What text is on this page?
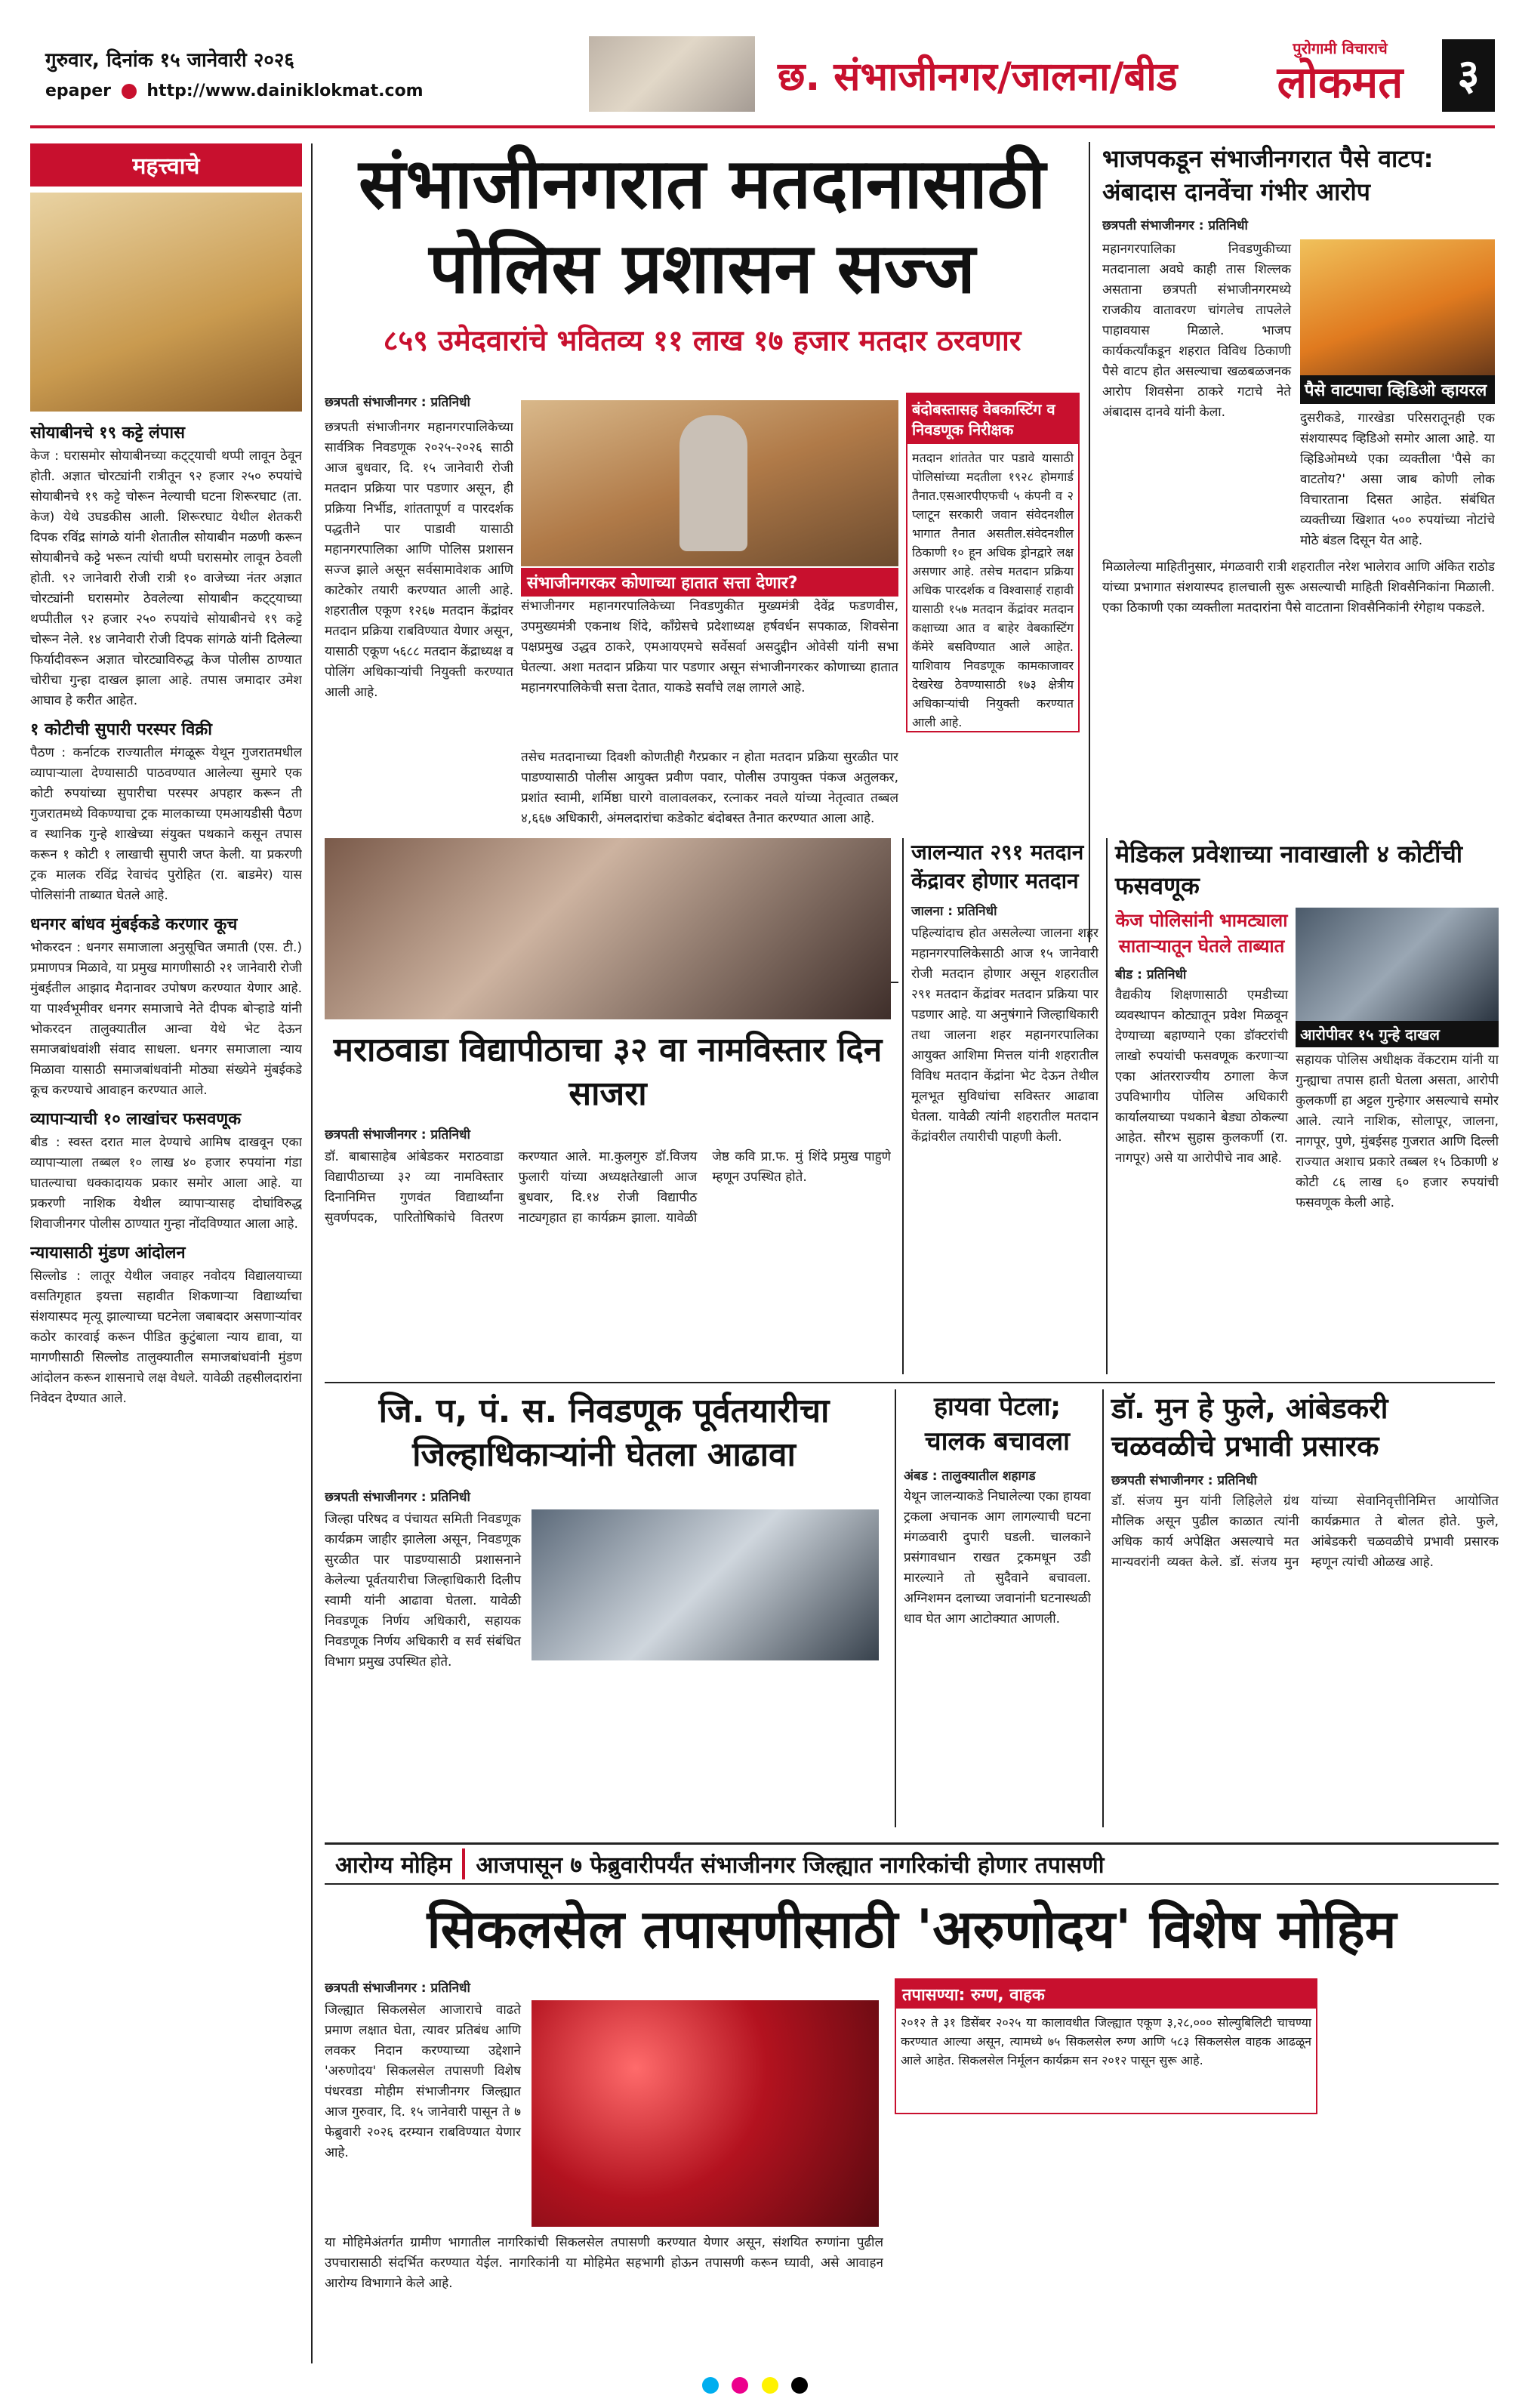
गुरुवार, दिनांक १५ जानेवारी २०२६
epaper http://www.dainiklokmat.com	छ. संभाजीनगर/जालना/बीड
पुरोगामी विचाराचे
लोकमत	३
महत्त्वाचे
सोयाबीनचे १९ कट्टे लंपास
केज : घरासमोर सोयाबीनच्या कट्ट्याची थप्पी लावून ठेवून होती. अज्ञात चोरट्यांनी रात्रीतून ९२ हजार २५० रुपयांचे सोयाबीनचे १९ कट्टे चोरून नेल्याची घटना शिरूरघाट (ता. केज) येथे उघडकीस आली. शिरूरघाट येथील शेतकरी दिपक रविंद्र सांगळे यांनी शेतातील सोयाबीन मळणी करून सोयाबीनचे कट्टे भरून त्यांची थप्पी घरासमोर लावून ठेवली होती. ९२ जानेवारी रोजी रात्री १० वाजेच्या नंतर अज्ञात चोरट्यांनी घरासमोर ठेवलेल्या सोयाबीन कट्ट्याच्या थप्पीतील ९२ हजार २५० रुपयांचे सोयाबीनचे १९ कट्टे चोरून नेले. १४ जानेवारी रोजी दिपक सांगळे यांनी दिलेल्या फिर्यादीवरून अज्ञात चोरट्याविरुद्ध केज पोलीस ठाण्यात चोरीचा गुन्हा दाखल झाला आहे. तपास जमादार उमेश आघाव हे करीत आहेत.
१ कोटीची सुपारी परस्पर विक्री
पैठण : कर्नाटक राज्यातील मंगळूरू येथून गुजरातमधील व्यापाऱ्याला देण्यासाठी पाठवण्यात आलेल्या सुमारे एक कोटी रुपयांच्या सुपारीचा परस्पर अपहार करून ती गुजरातमध्ये विकण्याचा ट्रक मालकाच्या एमआयडीसी पैठण व स्थानिक गुन्हे शाखेच्या संयुक्त पथकाने कसून तपास करून १ कोटी १ लाखाची सुपारी जप्त केली. या प्रकरणी ट्रक मालक रविंद्र रेवाचंद पुरोहित (रा. बाडमेर) यास पोलिसांनी ताब्यात घेतले आहे.
धनगर बांधव मुंबईकडे करणार कूच
भोकरदन : धनगर समाजाला अनुसूचित जमाती (एस. टी.) प्रमाणपत्र मिळावे, या प्रमुख मागणीसाठी २१ जानेवारी रोजी मुंबईतील आझाद मैदानावर उपोषण करण्यात येणार आहे. या पार्श्वभूमीवर धनगर समाजाचे नेते दीपक बोऱ्हाडे यांनी भोकरदन तालुक्यातील आन्वा येथे भेट देऊन समाजबांधवांशी संवाद साधला. धनगर समाजाला न्याय मिळावा यासाठी समाजबांधवांनी मोठ्या संख्येने मुंबईकडे कूच करण्याचे आवाहन करण्यात आले.
व्यापाऱ्याची १० लाखांचर फसवणूक
बीड : स्वस्त दरात माल देण्याचे आमिष दाखवून एका व्यापाऱ्याला तब्बल १० लाख ४० हजार रुपयांना गंडा घातल्याचा धक्कादायक प्रकार समोर आला आहे. या प्रकरणी नाशिक येथील व्यापाऱ्यासह दोघांविरुद्ध शिवाजीनगर पोलीस ठाण्यात गुन्हा नोंदविण्यात आला आहे.
न्यायासाठी मुंडण आंदोलन
सिल्लोड : लातूर येथील जवाहर नवोदय विद्यालयाच्या वसतिगृहात इयत्ता सहावीत शिकणाऱ्या विद्यार्थ्याचा संशयास्पद मृत्यू झाल्याच्या घटनेला जबाबदार असणाऱ्यांवर कठोर कारवाई करून पीडित कुटुंबाला न्याय द्यावा, या मागणीसाठी सिल्लोड तालुक्यातील समाजबांधवांनी मुंडण आंदोलन करून शासनाचे लक्ष वेधले. यावेळी तहसीलदारांना निवेदन देण्यात आले.
संभाजीनगरात मतदानासाठी
पोलिस प्रशासन सज्ज
८५९ उमेदवारांचे भवितव्य ११ लाख १७ हजार मतदार ठरवणार
छत्रपती संभाजीनगर : प्रतिनिधी
छत्रपती संभाजीनगर महानगरपालिकेच्या सार्वत्रिक निवडणूक २०२५-२०२६ साठी आज बुधवार, दि. १५ जानेवारी रोजी मतदान प्रक्रिया पार पडणार असून, ही प्रक्रिया निर्भीड, शांततापूर्ण व पारदर्शक पद्धतीने पार पाडावी यासाठी महानगरपालिका आणि पोलिस प्रशासन सज्ज झाले असून सर्वसामावेशक आणि काटेकोर तयारी करण्यात आली आहे. शहरातील एकूण १२६७ मतदान केंद्रांवर मतदान प्रक्रिया राबविण्यात येणार असून, यासाठी एकूण ५६८८ मतदान केंद्राध्यक्ष व पोलिंग अधिकाऱ्यांची नियुक्ती करण्यात आली आहे.
संभाजीनगरकर कोणाच्या हातात सत्ता देणार?
संभाजीनगर महानगरपालिकेच्या निवडणुकीत मुख्यमंत्री देवेंद्र फडणवीस, उपमुख्यमंत्री एकनाथ शिंदे, काँग्रेसचे प्रदेशाध्यक्ष हर्षवर्धन सपकाळ, शिवसेना पक्षप्रमुख उद्धव ठाकरे, एमआयएमचे सर्वेसर्वा असदुद्दीन ओवेसी यांनी सभा घेतल्या. अशा मतदान प्रक्रिया पार पडणार असून संभाजीनगरकर कोणाच्या हातात महानगरपालिकेची सत्ता देतात, याकडे सर्वांचे लक्ष लागले आहे.
तसेच मतदानाच्या दिवशी कोणतीही गैरप्रकार न होता मतदान प्रक्रिया सुरळीत पार पाडण्यासाठी पोलीस आयुक्त प्रवीण पवार, पोलीस उपायुक्त पंकज अतुलकर, प्रशांत स्वामी, शर्मिष्ठा घारगे वालावलकर, रत्नाकर नवले यांच्या नेतृत्वात तब्बल ४,६६७ अधिकारी, अंमलदारांचा कडेकोट बंदोबस्त तैनात करण्यात आला आहे.
बंदोबस्तासह वेबकास्टिंग व निवडणूक निरीक्षक
मतदान शांततेत पार पडावे यासाठी पोलिसांच्या मदतीला १९२८ होमगार्ड तैनात.एसआरपीएफची ५ कंपनी व २ प्लाटून सरकारी जवान संवेदनशील भागात तैनात असतील.संवेदनशील ठिकाणी १० हून अधिक ड्रोनद्वारे लक्ष असणार आहे. तसेच मतदान प्रक्रिया अधिक पारदर्शक व विश्वासार्ह राहावी यासाठी १५७ मतदान केंद्रांवर मतदान कक्षाच्या आत व बाहेर वेबकास्टिंग कॅमेरे बसविण्यात आले आहेत. याशिवाय निवडणूक कामकाजावर देखरेख ठेवण्यासाठी १७३ क्षेत्रीय अधिकाऱ्यांची नियुक्ती करण्यात आली आहे.
भाजपकडून संभाजीनगरात पैसे वाटप: अंबादास दानवेंचा गंभीर आरोप
छत्रपती संभाजीनगर : प्रतिनिधी
महानगरपालिका निवडणुकीच्या मतदानाला अवघे काही तास शिल्लक असताना छत्रपती संभाजीनगरमध्ये राजकीय वातावरण चांगलेच तापलेले पाहावयास मिळाले. भाजप कार्यकर्त्यांकडून शहरात विविध ठिकाणी पैसे वाटप होत असल्याचा खळबळजनक आरोप शिवसेना ठाकरे गटाचे नेते अंबादास दानवे यांनी केला.
पैसे वाटपाचा व्हिडिओ व्हायरल
दुसरीकडे, गारखेडा परिसरातूनही एक संशयास्पद व्हिडिओ समोर आला आहे. या व्हिडिओमध्ये एका व्यक्तीला 'पैसे का वाटतोय?' असा जाब कोणी लोक विचारताना दिसत आहेत. संबंधित व्यक्तीच्या खिशात ५०० रुपयांच्या नोटांचे मोठे बंडल दिसून येत आहे.
मिळालेल्या माहितीनुसार, मंगळवारी रात्री शहरातील नरेश भालेराव आणि अंकित राठोड यांच्या प्रभागात संशयास्पद हालचाली सुरू असल्याची माहिती शिवसैनिकांना मिळाली. एका ठिकाणी एका व्यक्तीला मतदारांना पैसे वाटताना शिवसैनिकांनी रंगेहाथ पकडले.
मराठवाडा विद्यापीठाचा ३२ वा नामविस्तार दिन साजरा
छत्रपती संभाजीनगर : प्रतिनिधी
डॉ. बाबासाहेब आंबेडकर मराठवाडा विद्यापीठाच्या ३२ व्या नामविस्तार दिनानिमित्त गुणवंत विद्यार्थ्यांना सुवर्णपदक, पारितोषिकांचे वितरण करण्यात आले. मा.कुलगुरु डॉ.विजय फुलारी यांच्या अध्यक्षतेखाली आज बुधवार, दि.१४ रोजी विद्यापीठ नाट्यगृहात हा कार्यक्रम झाला. यावेळी जेष्ठ कवि प्रा.फ. मुं शिंदे प्रमुख पाहुणे म्हणून उपस्थित होते.
जालन्यात २९१ मतदान केंद्रावर होणार मतदान
जालना : प्रतिनिधी
पहिल्यांदाच होत असलेल्या जालना शहर महानगरपालिकेसाठी आज १५ जानेवारी रोजी मतदान होणार असून शहरातील २९१ मतदान केंद्रांवर मतदान प्रक्रिया पार पडणार आहे. या अनुषंगाने जिल्हाधिकारी तथा जालना शहर महानगरपालिका आयुक्त आशिमा मित्तल यांनी शहरातील विविध मतदान केंद्रांना भेट देऊन तेथील मूलभूत सुविधांचा सविस्तर आढावा घेतला. यावेळी त्यांनी शहरातील मतदान केंद्रांवरील तयारीची पाहणी केली.
मेडिकल प्रवेशाच्या नावाखाली ४ कोटींची फसवणूक
केज पोलिसांनी भामट्याला साताऱ्यातून घेतले ताब्यात
बीड : प्रतिनिधी
वैद्यकीय शिक्षणासाठी एमडीच्या व्यवस्थापन कोट्यातून प्रवेश मिळवून देण्याच्या बहाण्याने एका डॉक्टरांची लाखो रुपयांची फसवणूक करणाऱ्या एका आंतरराज्यीय ठगाला केज उपविभागीय पोलिस अधिकारी कार्यालयाच्या पथकाने बेड्या ठोकल्या आहेत. सौरभ सुहास कुलकर्णी (रा. नागपूर) असे या आरोपीचे नाव आहे.
आरोपीवर १५ गुन्हे दाखल
सहायक पोलिस अधीक्षक वेंकटराम यांनी या गुन्ह्याचा तपास हाती घेतला असता, आरोपी कुलकर्णी हा अट्टल गुन्हेगार असल्याचे समोर आले. त्याने नाशिक, सोलापूर, जालना, नागपूर, पुणे, मुंबईसह गुजरात आणि दिल्ली राज्यात अशाच प्रकारे तब्बल १५ ठिकाणी ४ कोटी ८६ लाख ६० हजार रुपयांची फसवणूक केली आहे.
जि. प, पं. स. निवडणूक पूर्वतयारीचा
जिल्हाधिकाऱ्यांनी घेतला आढावा
छत्रपती संभाजीनगर : प्रतिनिधी
जिल्हा परिषद व पंचायत समिती निवडणूक कार्यक्रम जाहीर झालेला असून, निवडणूक सुरळीत पार पाडण्यासाठी प्रशासनाने केलेल्या पूर्वतयारीचा जिल्हाधिकारी दिलीप स्वामी यांनी आढावा घेतला. यावेळी निवडणूक निर्णय अधिकारी, सहायक निवडणूक निर्णय अधिकारी व सर्व संबंधित विभाग प्रमुख उपस्थित होते.
हायवा पेटला; चालक बचावला
अंबड : तालुक्यातील शहागड
येथून जालन्याकडे निघालेल्या एका हायवा ट्रकला अचानक आग लागल्याची घटना मंगळवारी दुपारी घडली. चालकाने प्रसंगावधान राखत ट्रकमधून उडी मारल्याने तो सुदैवाने बचावला. अग्निशमन दलाच्या जवानांनी घटनास्थळी धाव घेत आग आटोक्यात आणली.
डॉ. मुन हे फुले, आंबेडकरी
चळवळीचे प्रभावी प्रसारक
छत्रपती संभाजीनगर : प्रतिनिधी
डॉ. संजय मुन यांनी लिहिलेले ग्रंथ मौलिक असून पुढील काळात त्यांनी अधिक कार्य अपेक्षित असल्याचे मत मान्यवरांनी व्यक्त केले. डॉ. संजय मुन यांच्या सेवानिवृत्तीनिमित्त आयोजित कार्यक्रमात ते बोलत होते. फुले, आंबेडकरी चळवळीचे प्रभावी प्रसारक म्हणून त्यांची ओळख आहे.
आरोग्य मोहिम	आजपासून ७ फेब्रुवारीपर्यंत संभाजीनगर जिल्ह्यात नागरिकांची होणार तपासणी
सिकलसेल तपासणीसाठी 'अरुणोदय' विशेष मोहिम
छत्रपती संभाजीनगर : प्रतिनिधी
जिल्ह्यात सिकलसेल आजाराचे वाढते प्रमाण लक्षात घेता, त्यावर प्रतिबंध आणि लवकर निदान करण्याच्या उद्देशाने 'अरुणोदय' सिकलसेल तपासणी विशेष पंधरवडा मोहीम संभाजीनगर जिल्ह्यात आज गुरुवार, दि. १५ जानेवारी पासून ते ७ फेब्रुवारी २०२६ दरम्यान राबविण्यात येणार आहे.
या मोहिमेअंतर्गत ग्रामीण भागातील नागरिकांची सिकलसेल तपासणी करण्यात येणार असून, संशयित रुग्णांना पुढील उपचारासाठी संदर्भित करण्यात येईल. नागरिकांनी या मोहिमेत सहभागी होऊन तपासणी करून घ्यावी, असे आवाहन आरोग्य विभागाने केले आहे.
तपासण्या: रुग्ण, वाहक
२०१२ ते ३१ डिसेंबर २०२५ या कालावधीत जिल्ह्यात एकूण ३,२८,००० सोल्युबिलिटी चाचण्या करण्यात आल्या असून, त्यामध्ये ७५ सिकलसेल रुग्ण आणि ५८३ सिकलसेल वाहक आढळून आले आहेत. सिकलसेल निर्मूलन कार्यक्रम सन २०१२ पासून सुरू आहे.
